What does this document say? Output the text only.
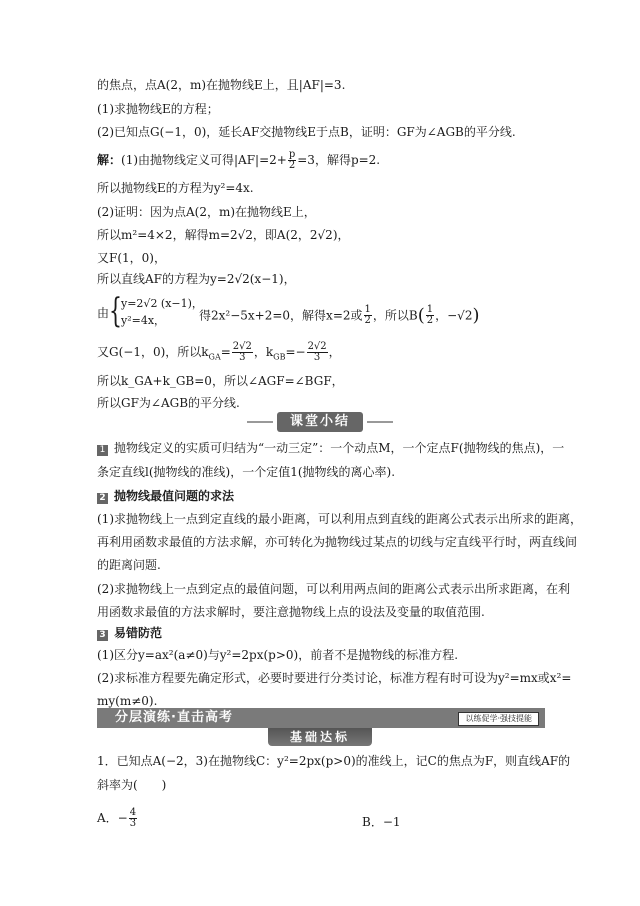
的焦点，点A(2，m)在抛物线E上，且|AF|=3.
(1)求抛物线E的方程；
(2)已知点G(−1，0)，延长AF交抛物线E于点B，证明：GF为∠AGB的平分线.
解：(1)由抛物线定义可得$|AF|=2+ \frac{p}{2} =3$，解得p=2.
所以抛物线E的方程为y²=4x.
(2)证明：因为点A(2，m)在抛物线E上，
所以m²=4×2，解得m=2√2，即A(2，2√2)，
又F(1，0)，
所以直线AF的方程为y=2√2(x−1)，
由 { y=2√2 (x−1)，
y²=4x，	得2x²−5x+2=0，解得x=2或 $\frac{1}{2}$ ，所以$B( \frac{1}{2}$ ，−√2)
又G(−1，0)，所以$k_{GA}= \frac{2√2}{3}$ ，$k_{GB}=- \frac{2√2}{3}$ ，
所以k_GA+k_GB=0，所以∠AGF=∠BGF，
所以GF为∠AGB的平分线.
课堂小结
1 抛物线定义的实质可归结为“一动三定”：一个动点M，一个定点F(抛物线的焦点)，一
条定直线l(抛物线的准线)，一个定值1(抛物线的离心率).
2 抛物线最值问题的求法
(1)求抛物线上一点到定直线的最小距离，可以利用点到直线的距离公式表示出所求的距离，
再利用函数求最值的方法求解，亦可转化为抛物线过某点的切线与定直线平行时，两直线间
的距离问题.
(2)求抛物线上一点到定点的最值问题，可以利用两点间的距离公式表示出所求距离，在利
用函数求最值的方法求解时，要注意抛物线上点的设法及变量的取值范围.
3 易错防范
(1)区分y=ax²(a≠0)与y²=2px(p>0)，前者不是抛物线的标准方程.
(2)求标准方程要先确定形式，必要时要进行分类讨论，标准方程有时可设为y²=mx或x²=
my(m≠0).
分层演练·直击高考	以练促学·强技提能
基础达标
1．已知点A(−2，3)在抛物线C：y²=2px(p>0)的准线上，记C的焦点为F，则直线AF的
斜率为(　　)
A．− $\frac{4}{3}$	B．−1
